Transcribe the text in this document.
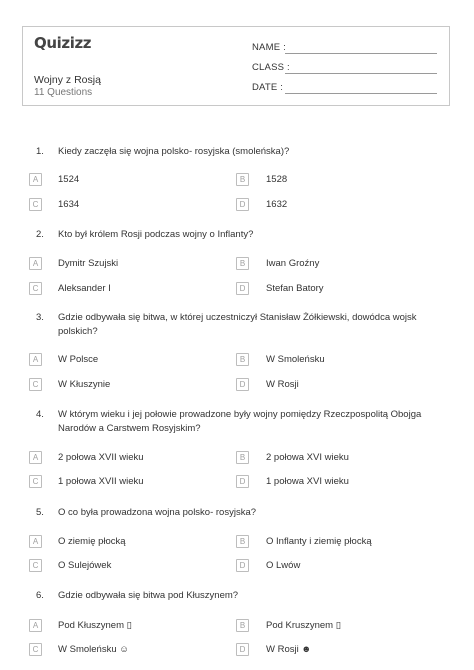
Quizizz
Wojny z Rosją
11 Questions
NAME :
CLASS :
DATE :
1. Kiedy zaczęła się wojna polsko- rosyjska (smoleńska)?
A	1524	B	1528
C	1634	D	1632
2. Kto był królem Rosji podczas wojny o Inflanty?
A	Dymitr Szujski	B	Iwan Groźny
C	Aleksander I	D	Stefan Batory
3. Gdzie odbywała się bitwa, w której uczestniczył Stanisław Żółkiewski, dowódca wojsk polskich?
A	W Polsce	B	W Smoleńsku
C	W Kłuszynie	D	W Rosji
4. W którym wieku i jej połowie prowadzone były wojny pomiędzy Rzeczpospolitą Obojga Narodów a Carstwem Rosyjskim?
A	2 połowa XVII wieku	B	2 połowa XVI wieku
C	1 połowa XVII wieku	D	1 połowa XVI wieku
5. O co była prowadzona wojna polsko- rosyjska?
A	O ziemię płocką	B	O Inflanty i ziemię płocką
C	O Sulejówek	D	O Lwów
6. Gdzie odbywała się bitwa pod Kłuszynem?
A	Pod Kłuszynem ▯	B	Pod Kruszynem ▯
C	W Smoleńsku ☺	D	W Rosji ☻
